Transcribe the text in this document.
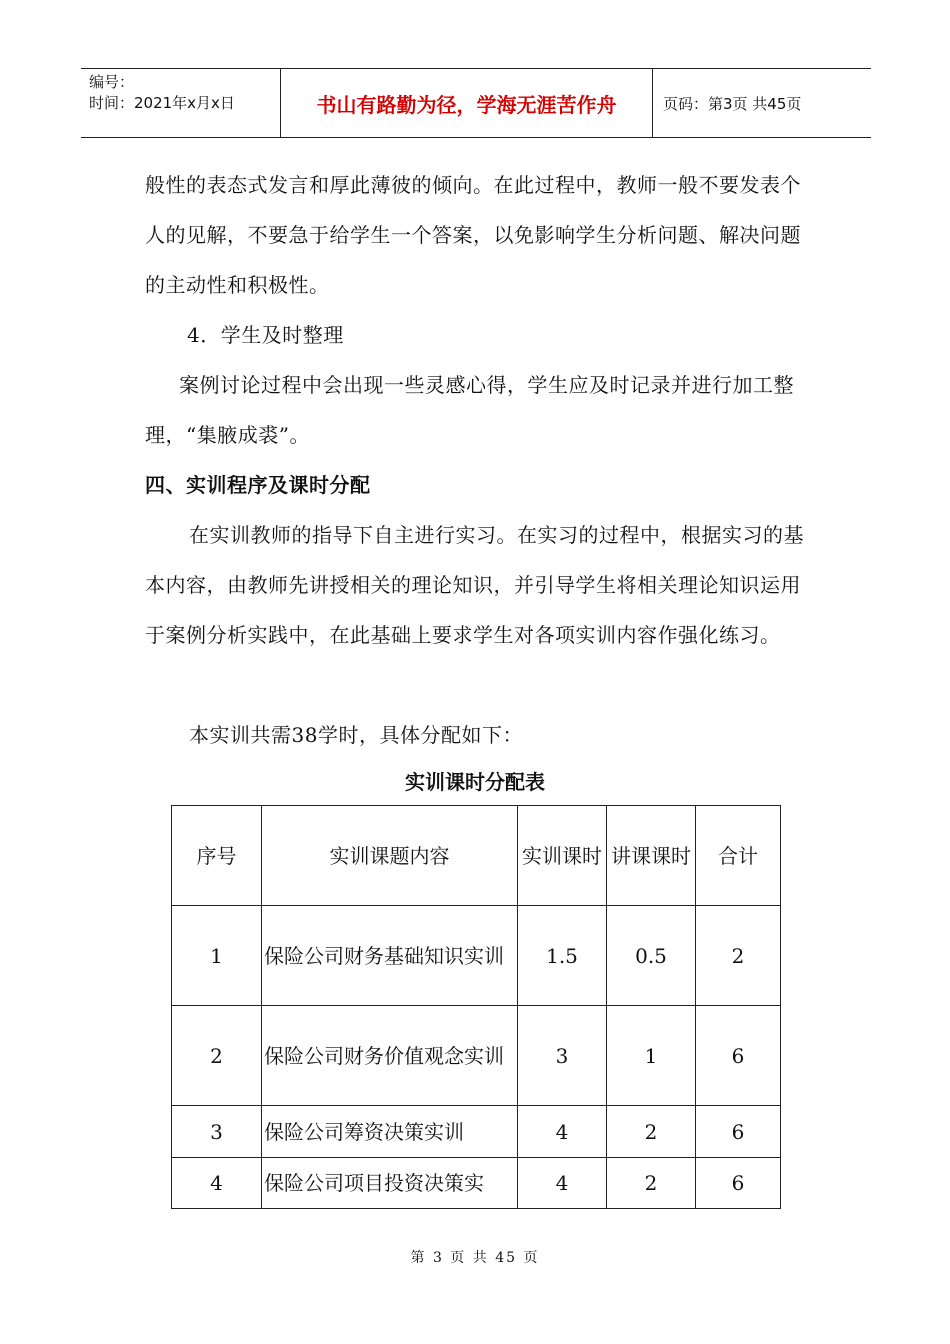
编号：
时间：2021年x月x日	书山有路勤为径，学海无涯苦作舟	页码：第3页 共45页

般性的表态式发言和厚此薄彼的倾向。在此过程中，教师一般不要发表个人的见解，不要急于给学生一个答案，以免影响学生分析问题、解决问题的主动性和积极性。

4．学生及时整理

案例讨论过程中会出现一些灵感心得，学生应及时记录并进行加工整理，“集腋成裘”。

四、实训程序及课时分配

在实训教师的指导下自主进行实习。在实习的过程中，根据实习的基本内容，由教师先讲授相关的理论知识，并引导学生将相关理论知识运用于案例分析实践中，在此基础上要求学生对各项实训内容作强化练习。

本实训共需38学时，具体分配如下：

实训课时分配表
序号	实训课题内容	实训课时	讲课课时	合计
1	保险公司财务基础知识实训	1.5	0.5	2
2	保险公司财务价值观念实训	3	1	6
3	保险公司筹资决策实训	4	2	6
4	保险公司项目投资决策实	4	2	6
第 3 页 共 45 页
